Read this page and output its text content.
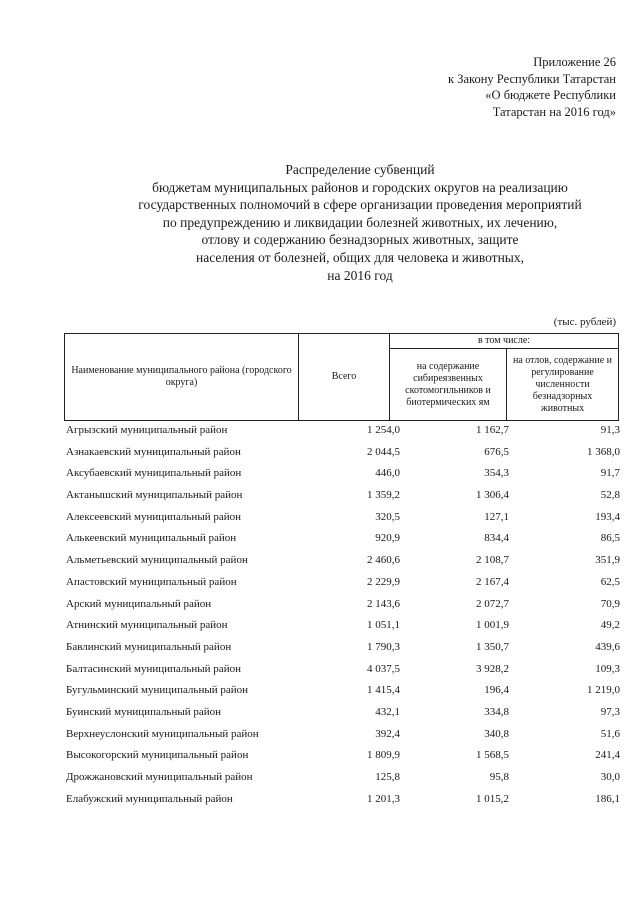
Приложение 26
к Закону Республики Татарстан
«О бюджете Республики
Татарстан на 2016 год»
Распределение субвенций
бюджетам муниципальных районов и городских округов на реализацию
государственных полномочий в сфере организации проведения мероприятий
по предупреждению и ликвидации болезней животных, их лечению,
отлову и содержанию безнадзорных животных, защите
населения от болезней, общих для человека и животных,
на 2016 год
(тыс. рублей)
Наименование муниципального района (городского округа)	Всего	в том числе:	
		на содержание сибиреязвенных скотомогильников и биотермических ям	на отлов, содержание и регулирование численности безнадзорных животных
Агрызский муниципальный район	1 254,0	1 162,7	91,3
Азнакаевский муниципальный район	2 044,5	676,5	1 368,0
Аксубаевский муниципальный район	446,0	354,3	91,7
Актанышский муниципальный район	1 359,2	1 306,4	52,8
Алексеевский муниципальный район	320,5	127,1	193,4
Алькеевский муниципальный район	920,9	834,4	86,5
Альметьевский муниципальный район	2 460,6	2 108,7	351,9
Апастовский муниципальный район	2 229,9	2 167,4	62,5
Арский муниципальный район	2 143,6	2 072,7	70,9
Атнинский муниципальный район	1 051,1	1 001,9	49,2
Бавлинский муниципальный район	1 790,3	1 350,7	439,6
Балтасинский муниципальный район	4 037,5	3 928,2	109,3
Бугульминский муниципальный район	1 415,4	196,4	1 219,0
Буинский муниципальный район	432,1	334,8	97,3
Верхнеуслонский муниципальный район	392,4	340,8	51,6
Высокогорский муниципальный район	1 809,9	1 568,5	241,4
Дрожжановский муниципальный район	125,8	95,8	30,0
Елабужский муниципальный район	1 201,3	1 015,2	186,1
